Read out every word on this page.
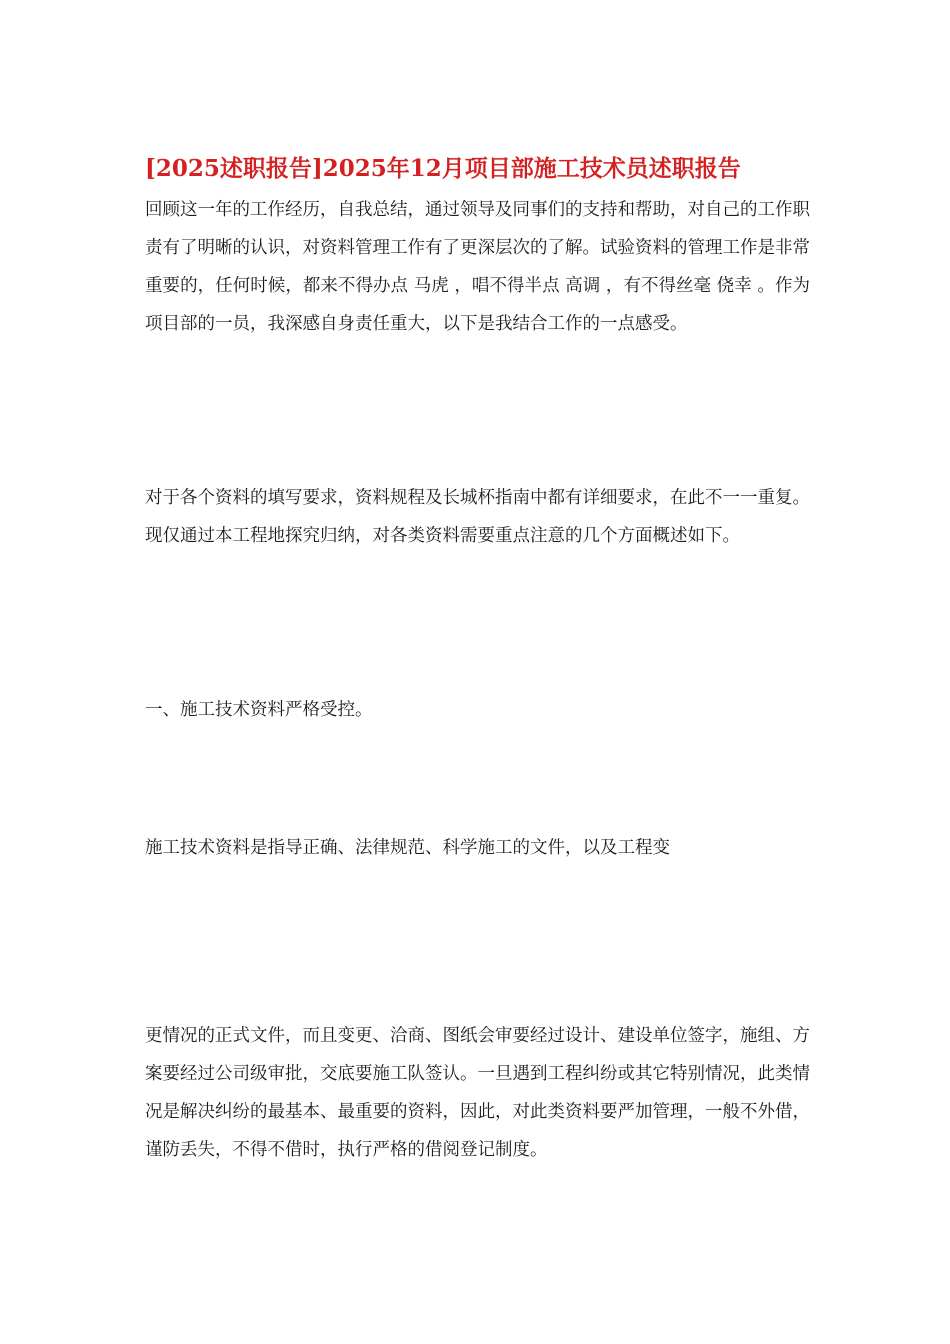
[2025述职报告]2025年12月项目部施工技术员述职报告

回顾这一年的工作经历，自我总结，通过领导及同事们的支持和帮助，对自己的工作职责有了明晰的认识，对资料管理工作有了更深层次的了解。试验资料的管理工作是非常重要的，任何时候，都来不得办点 马虎 ，唱不得半点 高调 ，有不得丝毫 侥幸 。作为项目部的一员，我深感自身责任重大，以下是我结合工作的一点感受。

对于各个资料的填写要求，资料规程及长城杯指南中都有详细要求，在此不一一重复。现仅通过本工程地探究归纳，对各类资料需要重点注意的几个方面概述如下。

一、施工技术资料严格受控。

施工技术资料是指导正确、法律规范、科学施工的文件，以及工程变

更情况的正式文件，而且变更、洽商、图纸会审要经过设计、建设单位签字，施组、方案要经过公司级审批，交底要施工队签认。一旦遇到工程纠纷或其它特别情况，此类情况是解决纠纷的最基本、最重要的资料，因此，对此类资料要严加管理，一般不外借，谨防丢失，不得不借时，执行严格的借阅登记制度。
